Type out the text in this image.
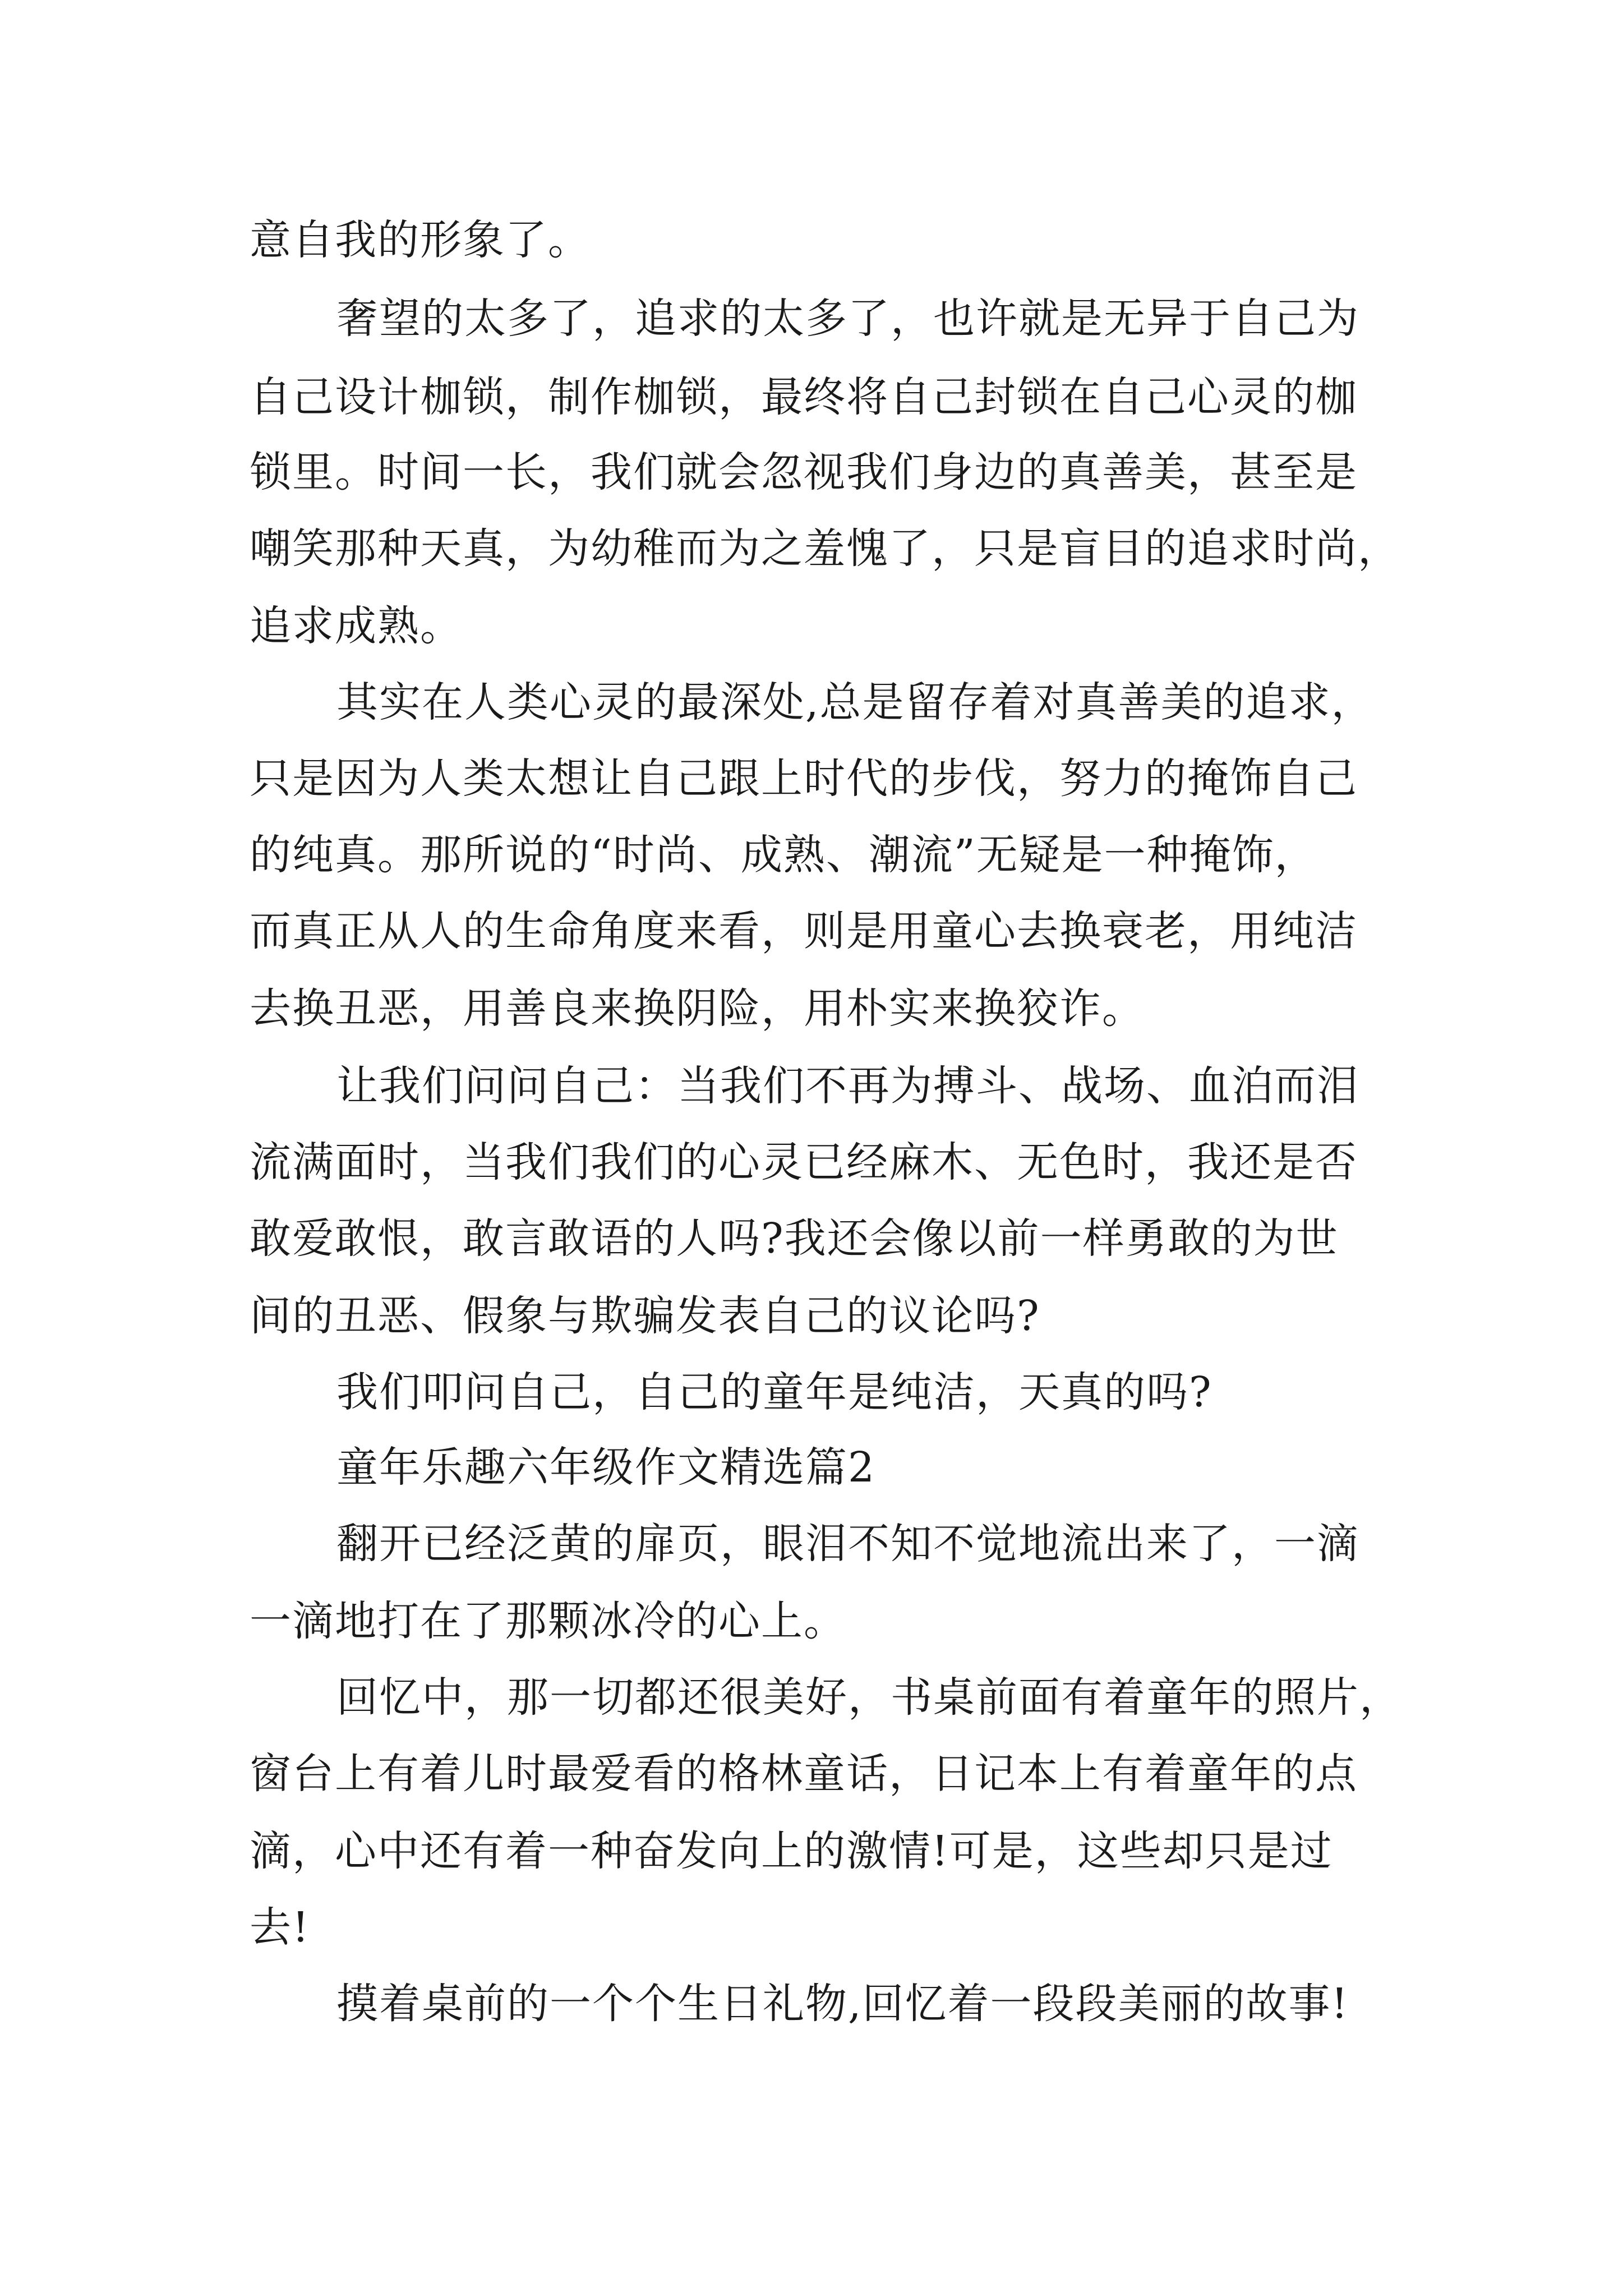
意自我的形象了。
奢望的太多了，追求的太多了，也许就是无异于自己为
自己设计枷锁，制作枷锁，最终将自己封锁在自己心灵的枷
锁里。时间一长，我们就会忽视我们身边的真善美，甚至是
嘲笑那种天真，为幼稚而为之羞愧了，只是盲目的追求时尚，
追求成熟。
其实在人类心灵的最深处,总是留存着对真善美的追求，
只是因为人类太想让自己跟上时代的步伐，努力的掩饰自己
的纯真。那所说的“时尚、成熟、潮流”无疑是一种掩饰，
而真正从人的生命角度来看，则是用童心去换衰老，用纯洁
去换丑恶，用善良来换阴险，用朴实来换狡诈。
让我们问问自己：当我们不再为搏斗、战场、血泊而泪
流满面时，当我们我们的心灵已经麻木、无色时，我还是否
敢爱敢恨，敢言敢语的人吗?我还会像以前一样勇敢的为世
间的丑恶、假象与欺骗发表自己的议论吗?
我们叩问自己，自己的童年是纯洁，天真的吗?
童年乐趣六年级作文精选篇2
翻开已经泛黄的扉页，眼泪不知不觉地流出来了，一滴
一滴地打在了那颗冰冷的心上。
回忆中，那一切都还很美好，书桌前面有着童年的照片，
窗台上有着儿时最爱看的格林童话，日记本上有着童年的点
滴，心中还有着一种奋发向上的激情!可是，这些却只是过
去!
摸着桌前的一个个生日礼物,回忆着一段段美丽的故事!
